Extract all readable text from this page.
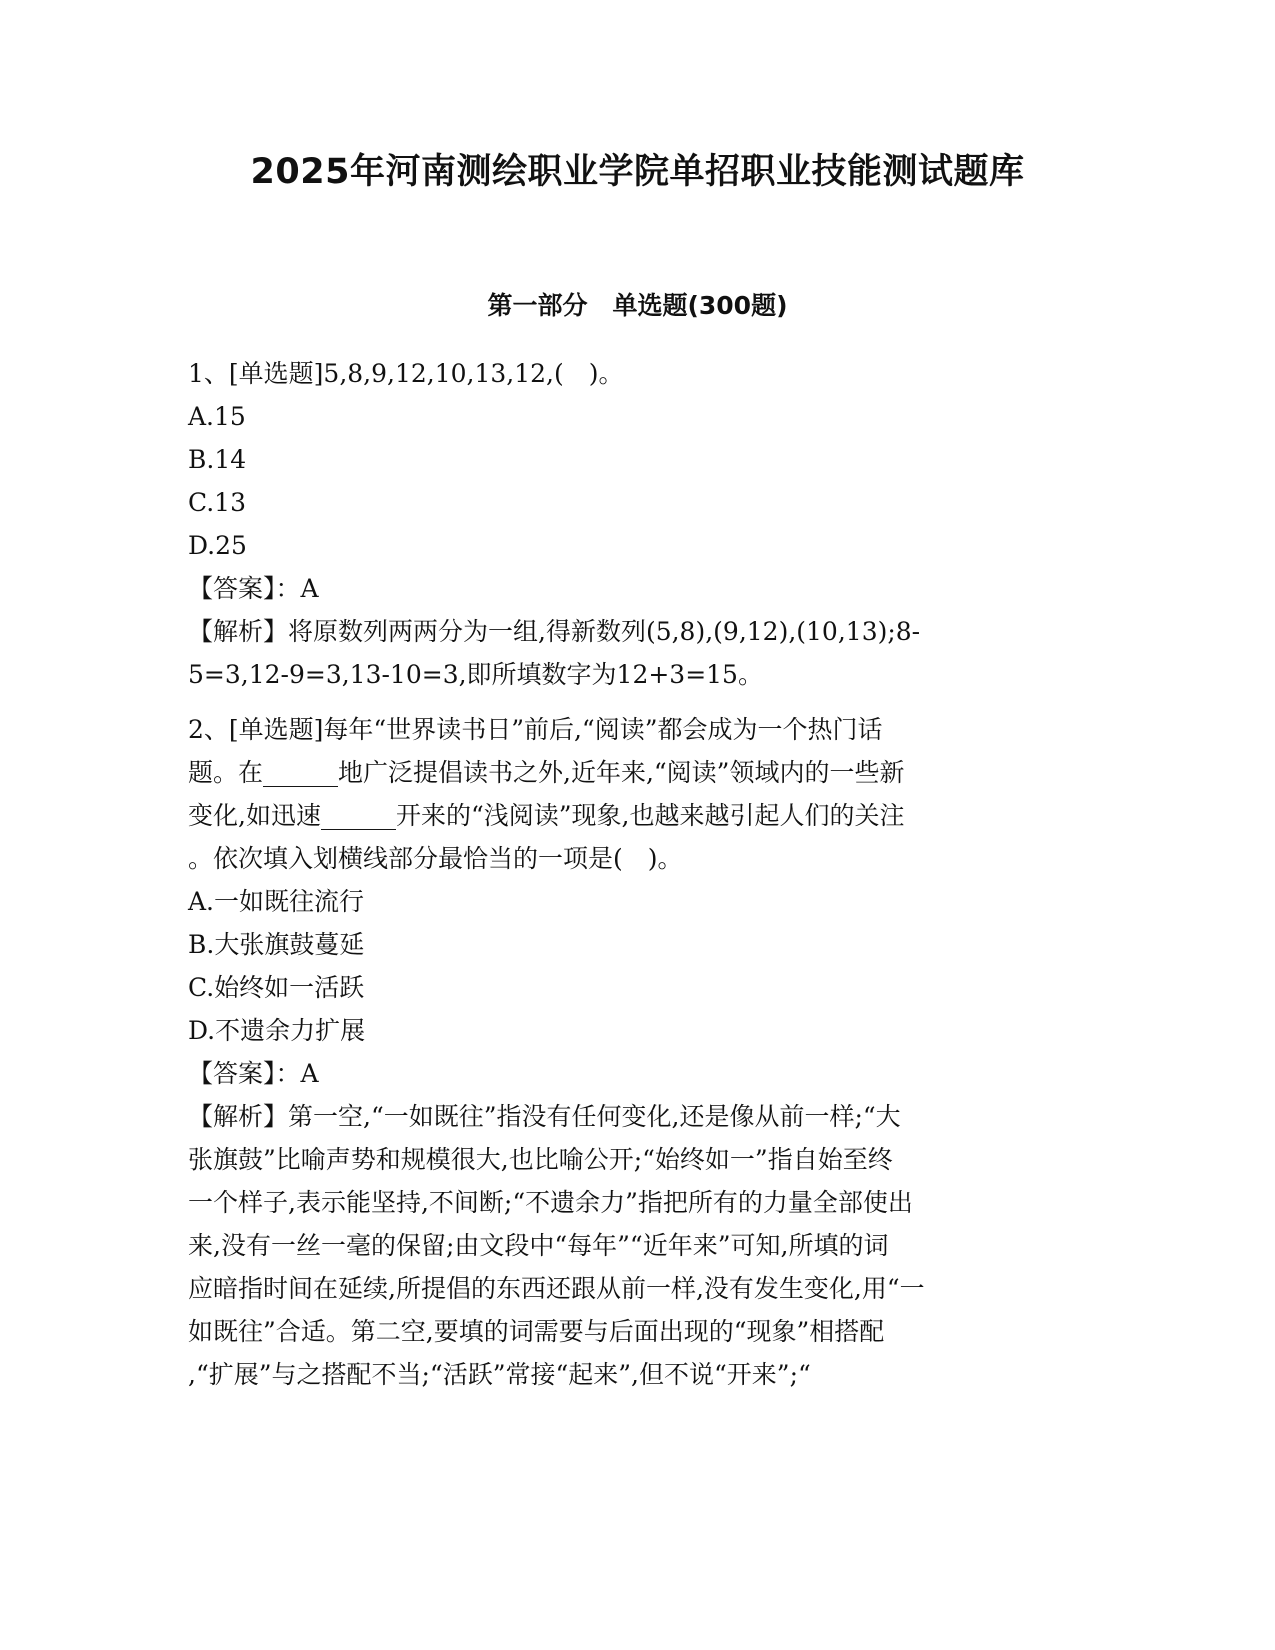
2025年河南测绘职业学院单招职业技能测试题库
第一部分　单选题(300题)
1、[单选题]5,8,9,12,10,13,12,(　)。
A.15
B.14
C.13
D.25
【答案】：A
【解析】将原数列两两分为一组,得新数列(5,8),(9,12),(10,13);8-
5=3,12-9=3,13-10=3,即所填数字为12+3=15。
2、[单选题]每年“世界读书日”前后,“阅读”都会成为一个热门话
题。在______地广泛提倡读书之外,近年来,“阅读”领域内的一些新
变化,如迅速______开来的“浅阅读”现象,也越来越引起人们的关注
。依次填入划横线部分最恰当的一项是(　)。
A.一如既往流行
B.大张旗鼓蔓延
C.始终如一活跃
D.不遗余力扩展
【答案】：A
【解析】第一空,“一如既往”指没有任何变化,还是像从前一样;“大
张旗鼓”比喻声势和规模很大,也比喻公开;“始终如一”指自始至终
一个样子,表示能坚持,不间断;“不遗余力”指把所有的力量全部使出
来,没有一丝一毫的保留;由文段中“每年”“近年来”可知,所填的词
应暗指时间在延续,所提倡的东西还跟从前一样,没有发生变化,用“一
如既往”合适。第二空,要填的词需要与后面出现的“现象”相搭配
,“扩展”与之搭配不当;“活跃”常接“起来”,但不说“开来”;“
